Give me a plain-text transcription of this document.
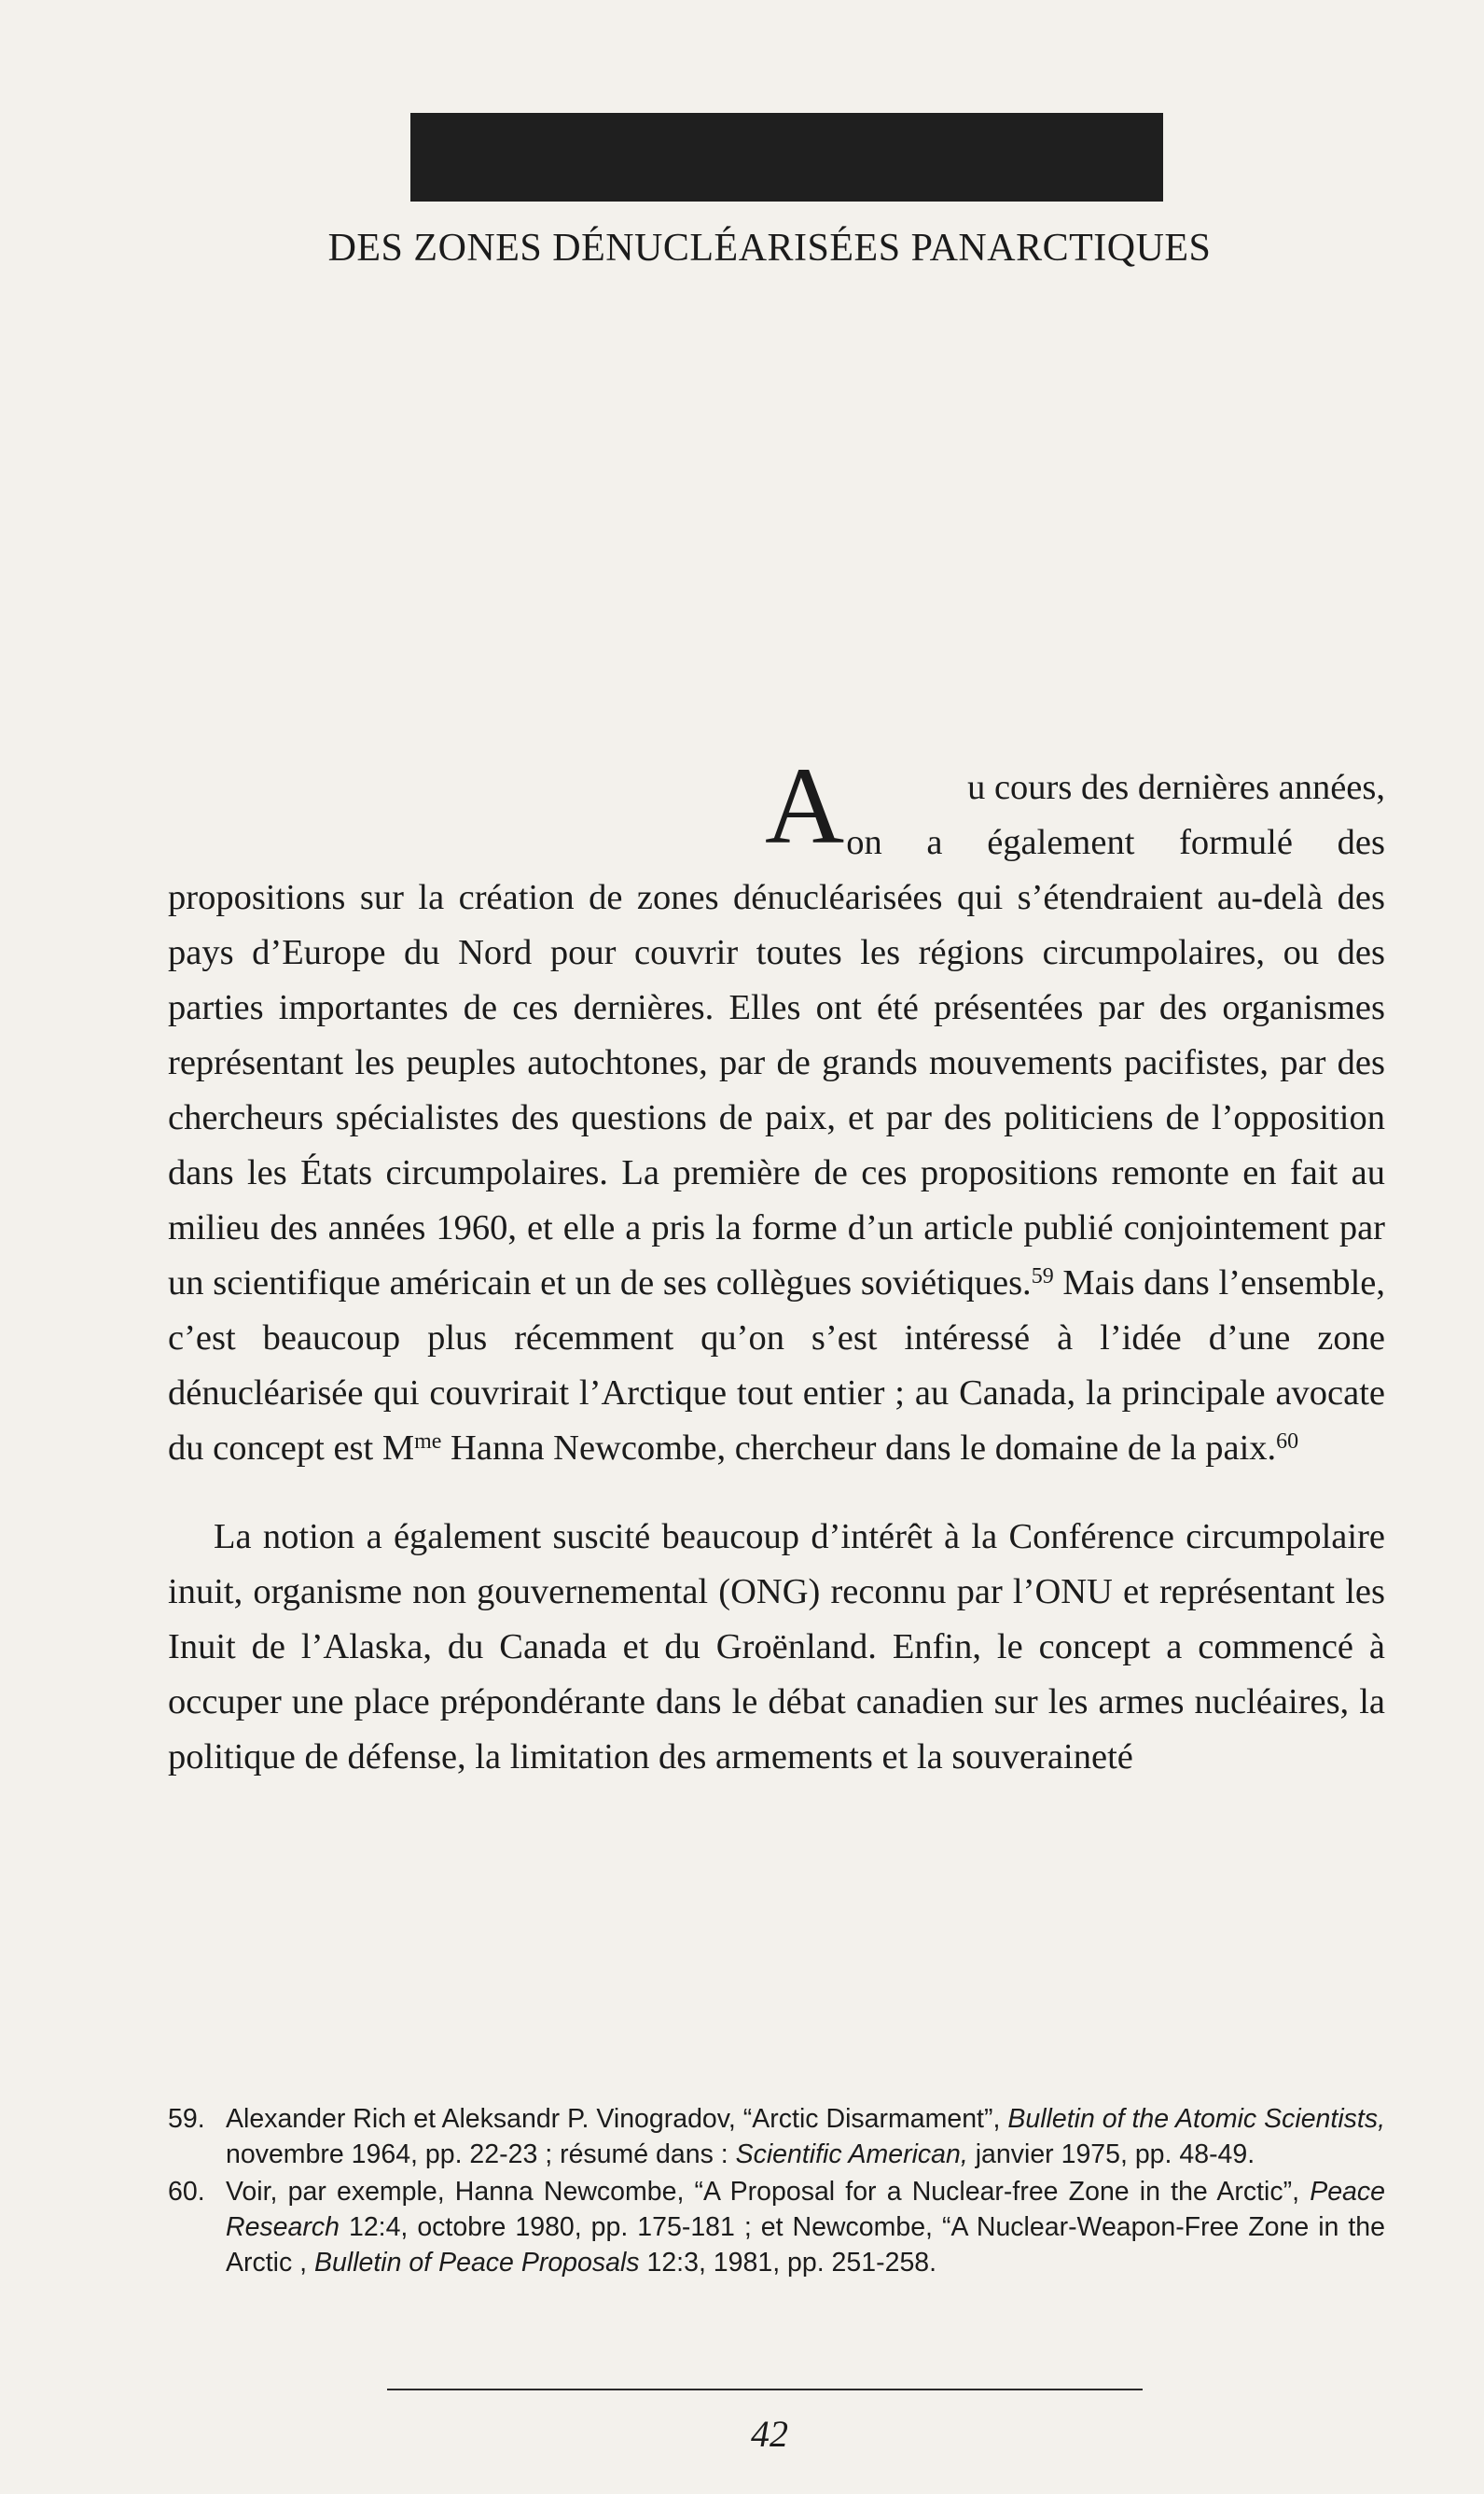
DES ZONES DÉNUCLÉARISÉES PANARCTIQUES

A	u cours des dernières années,
on a également formulé des propositions sur la création de zones dénucléarisées qui s’étendraient au-delà des pays d’Europe du Nord pour couvrir toutes les régions circumpolaires, ou des parties importantes de ces dernières. Elles ont été présentées par des organismes représentant les peuples autochtones, par de grands mouvements pacifistes, par des chercheurs spécialistes des questions de paix, et par des politiciens de l’opposition dans les États circumpolaires. La première de ces propositions remonte en fait au milieu des années 1960, et elle a pris la forme d’un article publié conjointement par un scientifique américain et un de ses collègues soviétiques.$^{59}$ Mais dans l’ensemble, c’est beaucoup plus récemment qu’on s’est intéressé à l’idée d’une zone dénucléarisée qui couvrirait l’Arctique tout entier ; au Canada, la principale avocate du concept est $M^{me}$ Hanna Newcombe, chercheur dans le domaine de la paix.$^{60}$

La notion a également suscité beaucoup d’intérêt à la Conférence circumpolaire inuit, organisme non gouvernemental (ONG) reconnu par l’ONU et représentant les Inuit de l’Alaska, du Canada et du Groënland. Enfin, le concept a commencé à occuper une place prépondérante dans le débat canadien sur les armes nucléaires, la politique de défense, la limitation des armements et la souveraineté

59. Alexander Rich et Aleksandr P. Vinogradov, “Arctic Disarmament”, Bulletin of the Atomic Scientists, novembre 1964, pp. 22-23 ; résumé dans : Scientific American, janvier 1975, pp. 48-49.
60. Voir, par exemple, Hanna Newcombe, “A Proposal for a Nuclear-free Zone in the Arctic”, Peace Research 12:4, octobre 1980, pp. 175-181 ; et Newcombe, “A Nuclear-Weapon-Free Zone in the Arctic , Bulletin of Peace Proposals 12:3, 1981, pp. 251-258.
42
